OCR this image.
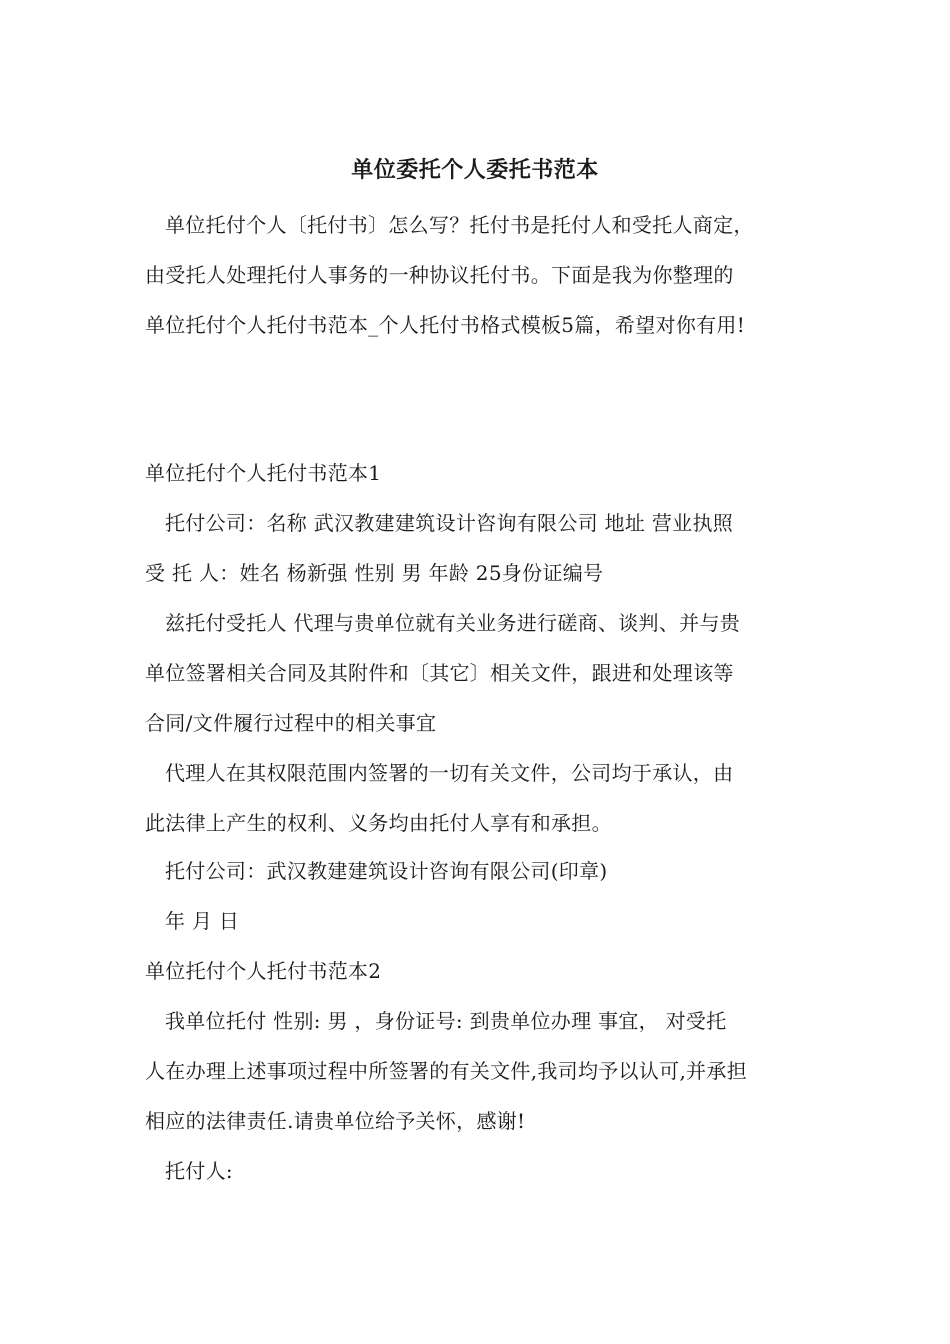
单位委托个人委托书范本
单位托付个人〔托付书〕怎么写？托付书是托付人和受托人商定，
由受托人处理托付人事务的一种协议托付书。下面是我为你整理的
单位托付个人托付书范本_个人托付书格式模板5篇，希望对你有用!
单位托付个人托付书范本1
托付公司：名称 武汉教建建筑设计咨询有限公司 地址 营业执照
受 托 人：姓名 杨新强 性别 男 年龄 25身份证编号
兹托付受托人 代理与贵单位就有关业务进行磋商、谈判、并与贵
单位签署相关合同及其附件和〔其它〕相关文件，跟进和处理该等
合同/文件履行过程中的相关事宜
代理人在其权限范围内签署的一切有关文件，公司均于承认，由
此法律上产生的权利、义务均由托付人享有和承担。
托付公司：武汉教建建筑设计咨询有限公司(印章)
年 月 日
单位托付个人托付书范本2
我单位托付 性别: 男 ，身份证号: 到贵单位办理 事宜， 对受托
人在办理上述事项过程中所签署的有关文件,我司均予以认可,并承担
相应的法律责任.请贵单位给予关怀，感谢!
托付人:
